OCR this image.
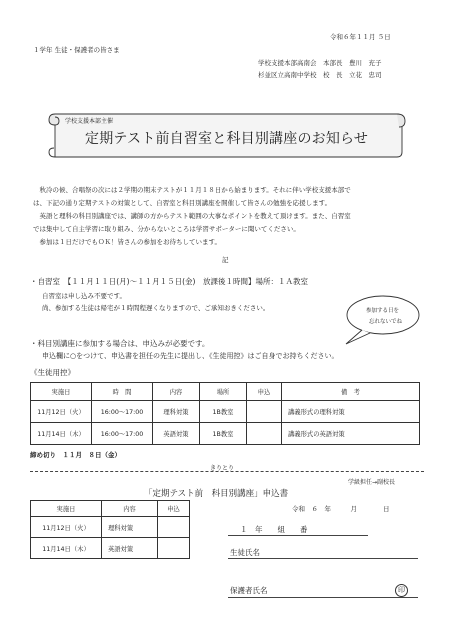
令和６年１１月 ５日
１学年 生徒・保護者の皆さま
学校支援本部高南会　本部長　豊川　充子
杉並区立高南中学校　校　長　立花　忠司
学校支援本部主催
定期テスト前自習室と科目別講座のお知らせ
　秋冷の候、合唱祭の次には２学期の期末テストが１１月１８日から始まります。それに伴い学校支援本部で
は、下記の通り定期テストの対策として、自習室と科目別講座を開催して皆さんの勉強を応援します。
　英語と理科の科目別講座では、講師の方からテスト範囲の大事なポイントを教えて頂けます。また、自習室
では集中して自主学習に取り組み、分からないところは学習サポーターに聞いてください。
　参加は１日だけでもＯＫ！皆さんの参加をお待ちしています。
記
・自習室　【１１月１１日(月)～１１月１５日(金)　放課後１時間】場所：１Ａ教室
自習室は申し込み不要です。
尚、参加する生徒は帰宅が１時間程遅くなりますので、ご承知おきください。	参加する日を
忘れないでね
・科目別講座に参加する場合は、申込みが必要です。
申込欄に○をつけて、申込書を担任の先生に提出し、《生徒用控》はご自身でお持ちください。
《生徒用控》
実施日	時　間	内容	場所	申込	備　考
11月12日（火）	16:00～17:00	理科対策	1B教室		講義形式の理科対策
11月14日（木）	16:00～17:00	英語対策	1B教室		講義形式の英語対策
締め切り　１１月　８日（金）
きりとり
学級担任→副校長
「定期テスト前　科目別講座」申込書
実施日	内容	申込
11月12日（火）	理科対策	
11月14日（木）	英語対策	
令和　６　年　　　月　　　　日
１　年　　組　　番
生徒氏名
保護者氏名	印
